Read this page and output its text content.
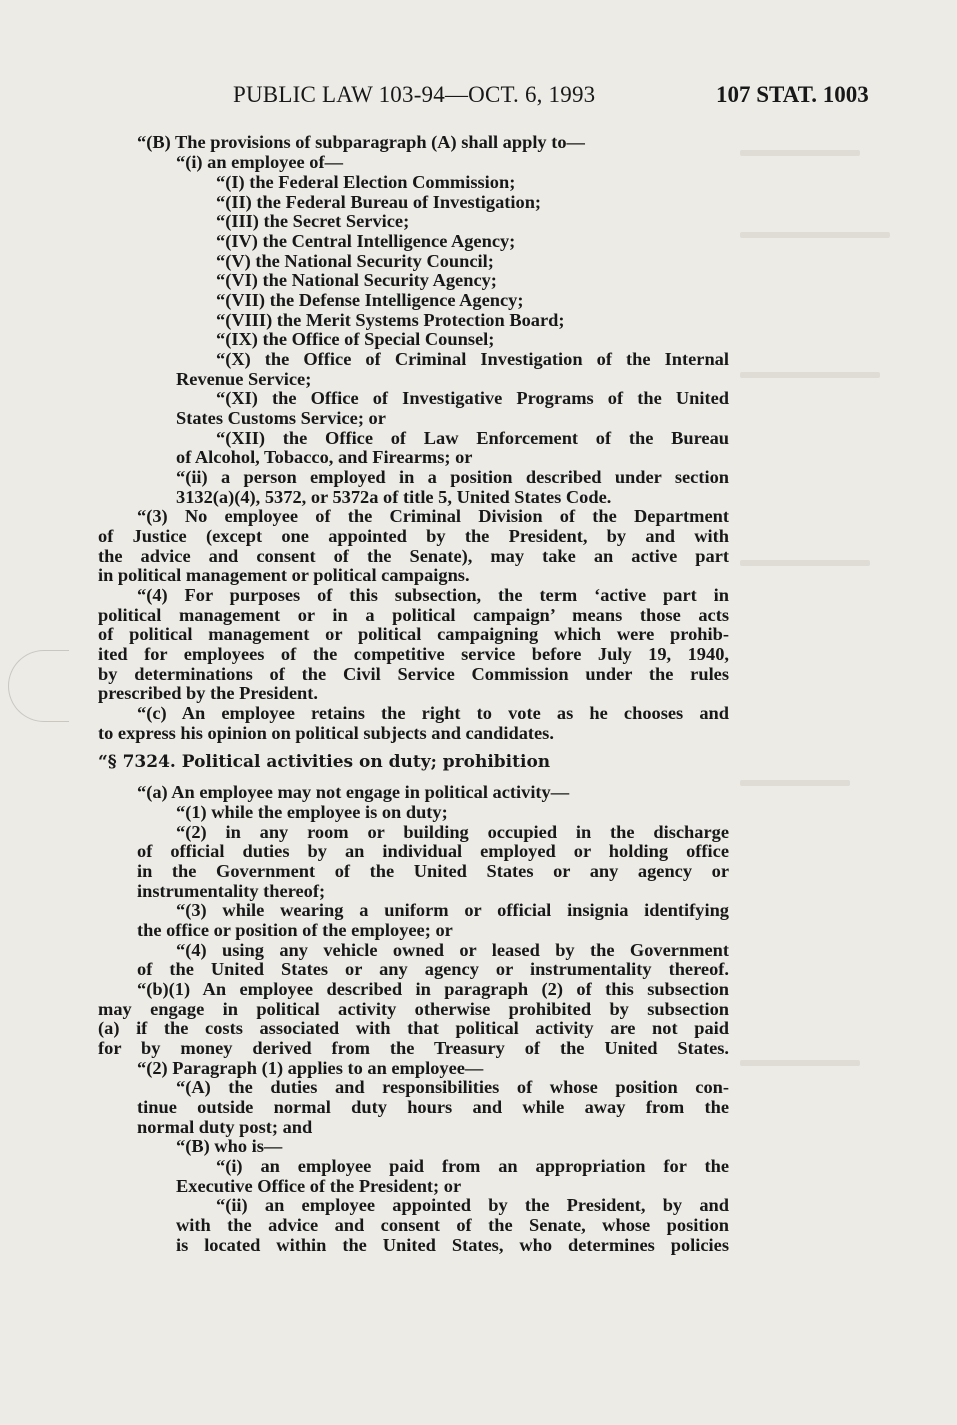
PUBLIC LAW 103-94—OCT. 6, 1993	107 STAT. 1003
“(B) The provisions of subparagraph (A) shall apply to—
“(i) an employee of—
“(I) the Federal Election Commission;
“(II) the Federal Bureau of Investigation;
“(III) the Secret Service;
“(IV) the Central Intelligence Agency;
“(V) the National Security Council;
“(VI) the National Security Agency;
“(VII) the Defense Intelligence Agency;
“(VIII) the Merit Systems Protection Board;
“(IX) the Office of Special Counsel;
“(X) the Office of Criminal Investigation of the Internal
Revenue Service;
“(XI) the Office of Investigative Programs of the United
States Customs Service; or
“(XII) the Office of Law Enforcement of the Bureau
of Alcohol, Tobacco, and Firearms; or
“(ii) a person employed in a position described under section
3132(a)(4), 5372, or 5372a of title 5, United States Code.
“(3) No employee of the Criminal Division of the Department
of Justice (except one appointed by the President, by and with
the advice and consent of the Senate), may take an active part
in political management or political campaigns.
“(4) For purposes of this subsection, the term ‘active part in
political management or in a political campaign’ means those acts
of political management or political campaigning which were prohib-
ited for employees of the competitive service before July 19, 1940,
by determinations of the Civil Service Commission under the rules
prescribed by the President.
“(c) An employee retains the right to vote as he chooses and
to express his opinion on political subjects and candidates.
“§ 7324. Political activities on duty; prohibition
“(a) An employee may not engage in political activity—
“(1) while the employee is on duty;
“(2) in any room or building occupied in the discharge
of official duties by an individual employed or holding office
in the Government of the United States or any agency or
instrumentality thereof;
“(3) while wearing a uniform or official insignia identifying
the office or position of the employee; or
“(4) using any vehicle owned or leased by the Government
of the United States or any agency or instrumentality thereof.
“(b)(1) An employee described in paragraph (2) of this subsection
may engage in political activity otherwise prohibited by subsection
(a) if the costs associated with that political activity are not paid
for by money derived from the Treasury of the United States.
“(2) Paragraph (1) applies to an employee—
“(A) the duties and responsibilities of whose position con-
tinue outside normal duty hours and while away from the
normal duty post; and
“(B) who is—
“(i) an employee paid from an appropriation for the
Executive Office of the President; or
“(ii) an employee appointed by the President, by and
with the advice and consent of the Senate, whose position
is located within the United States, who determines policies
